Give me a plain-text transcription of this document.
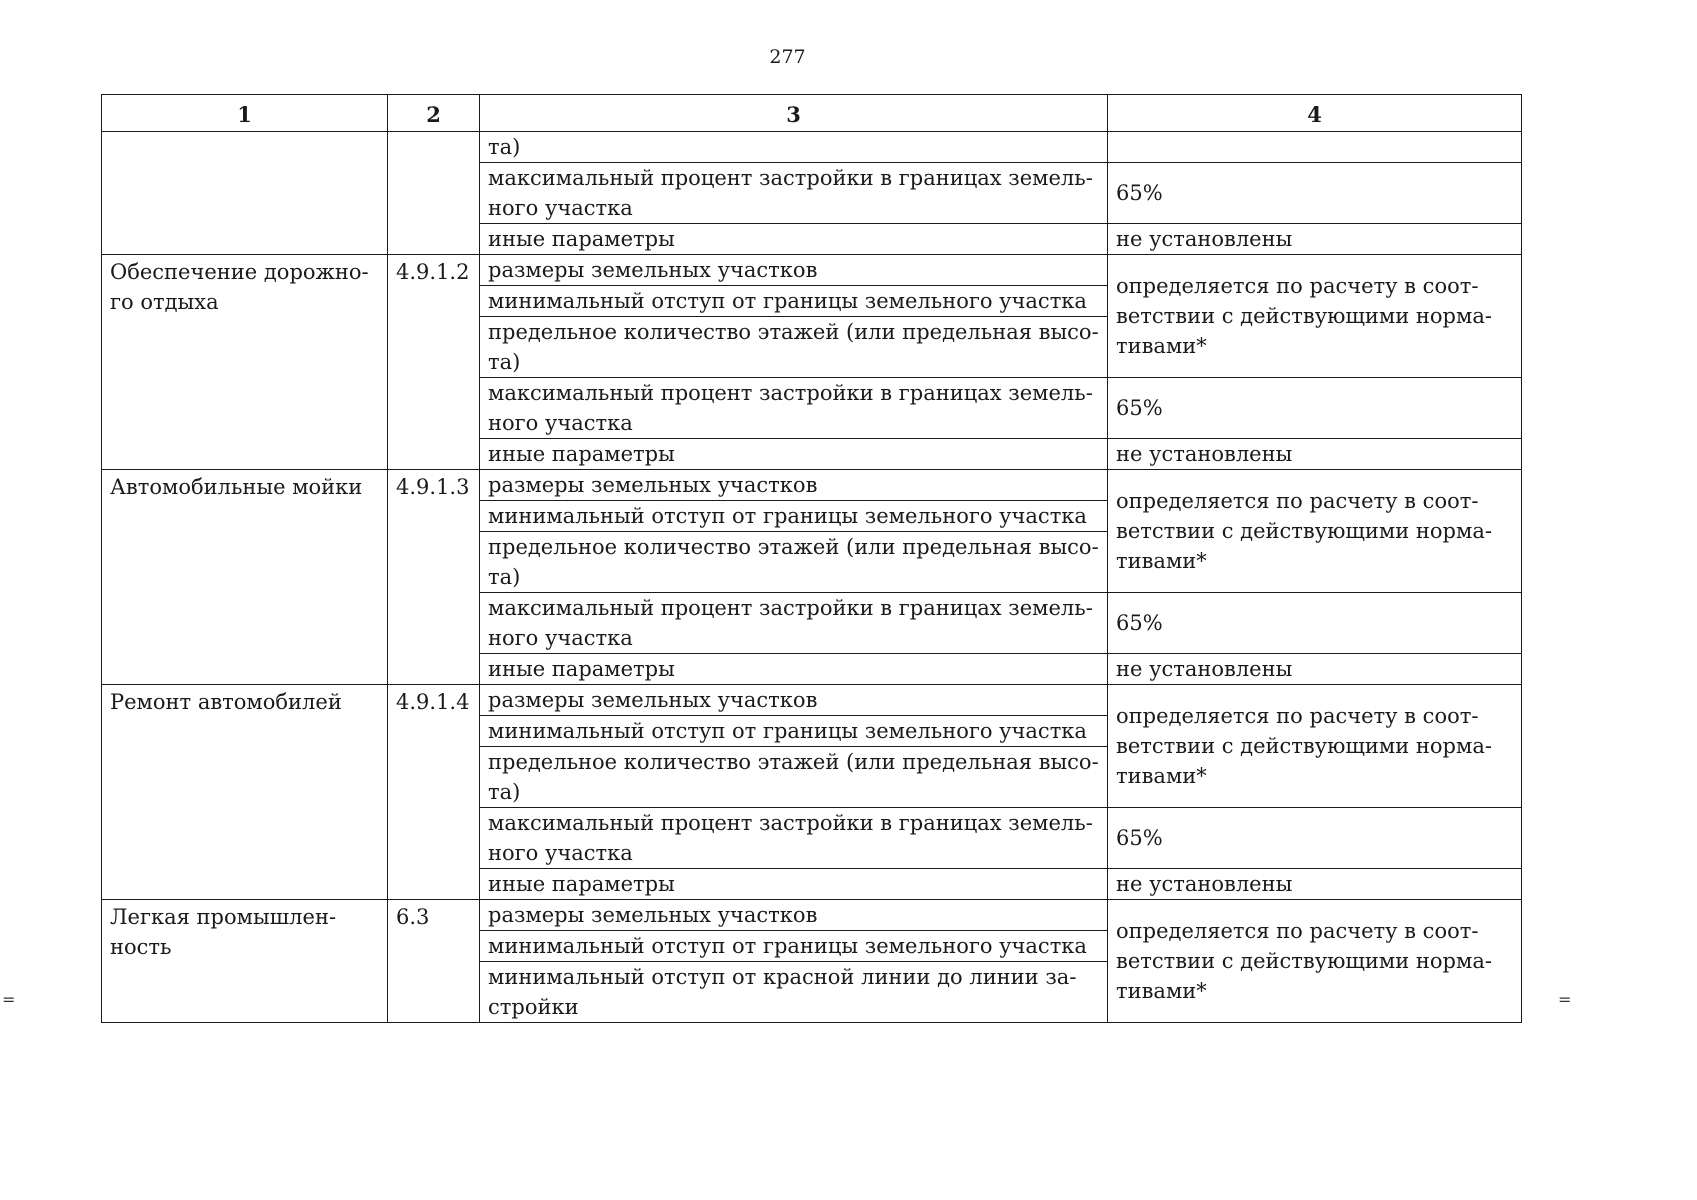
277
1	2	3	4
		та)	
		максимальный процент застройки в границах земель-ного участка	65%
		иные параметры	не установлены
Обеспечение дорожно-го отдыха	4.9.1.2	размеры земельных участков	определяется по расчету в соот-ветствии с действующими норма-тивами*
		минимальный отступ от границы земельного участка	
		предельное количество этажей (или предельная высо-та)	
		максимальный процент застройки в границах земель-ного участка	65%
		иные параметры	не установлены
Автомобильные мойки	4.9.1.3	размеры земельных участков	определяется по расчету в соот-ветствии с действующими норма-тивами*
		минимальный отступ от границы земельного участка	
		предельное количество этажей (или предельная высо-та)	
		максимальный процент застройки в границах земель-ного участка	65%
		иные параметры	не установлены
Ремонт автомобилей	4.9.1.4	размеры земельных участков	определяется по расчету в соот-ветствии с действующими норма-тивами*
		минимальный отступ от границы земельного участка	
		предельное количество этажей (или предельная высо-та)	
		максимальный процент застройки в границах земель-ного участка	65%
		иные параметры	не установлены
Легкая промышлен-ность	6.3	размеры земельных участков	определяется по расчету в соот-ветствии с действующими норма-тивами*
		минимальный отступ от границы земельного участка	
		минимальный отступ от красной линии до линии за-стройки	
=	=
